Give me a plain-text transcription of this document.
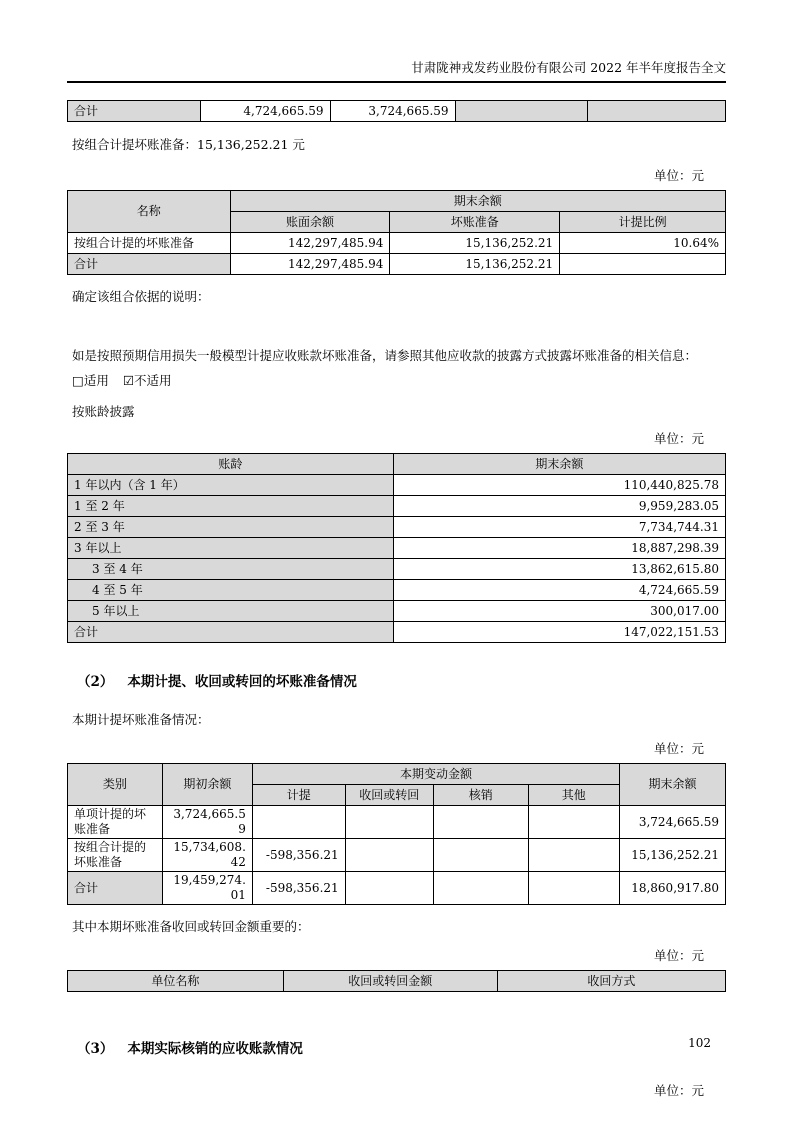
甘肃陇神戎发药业股份有限公司 2022 年半年度报告全文
合计	4,724,665.59	3,724,665.59		
按组合计提坏账准备：15,136,252.21 元
单位：元
名称	期末余额		
	账面余额	坏账准备	计提比例
按组合计提的坏账准备	142,297,485.94	15,136,252.21	10.64%
合计	142,297,485.94	15,136,252.21	
确定该组合依据的说明：
如是按照预期信用损失一般模型计提应收账款坏账准备，请参照其他应收款的披露方式披露坏账准备的相关信息：
□适用 ☑不适用
按账龄披露
单位：元
账龄	期末余额
1 年以内（含 1 年）	110,440,825.78
1 至 2 年	9,959,283.05
2 至 3 年	7,734,744.31
3 年以上	18,887,298.39
3 至 4 年	13,862,615.80
4 至 5 年	4,724,665.59
5 年以上	300,017.00
合计	147,022,151.53
（2） 本期计提、收回或转回的坏账准备情况
本期计提坏账准备情况：
单位：元
类别	期初余额	本期变动金额				期末余额
		计提	收回或转回	核销	其他	
单项计提的坏账准备	3,724,665.59					3,724,665.59
按组合计提的坏账准备	15,734,608.42	-598,356.21				15,136,252.21
合计	19,459,274.01	-598,356.21				18,860,917.80
其中本期坏账准备收回或转回金额重要的：
单位：元
单位名称	收回或转回金额	收回方式
（3） 本期实际核销的应收账款情况
单位：元
102
